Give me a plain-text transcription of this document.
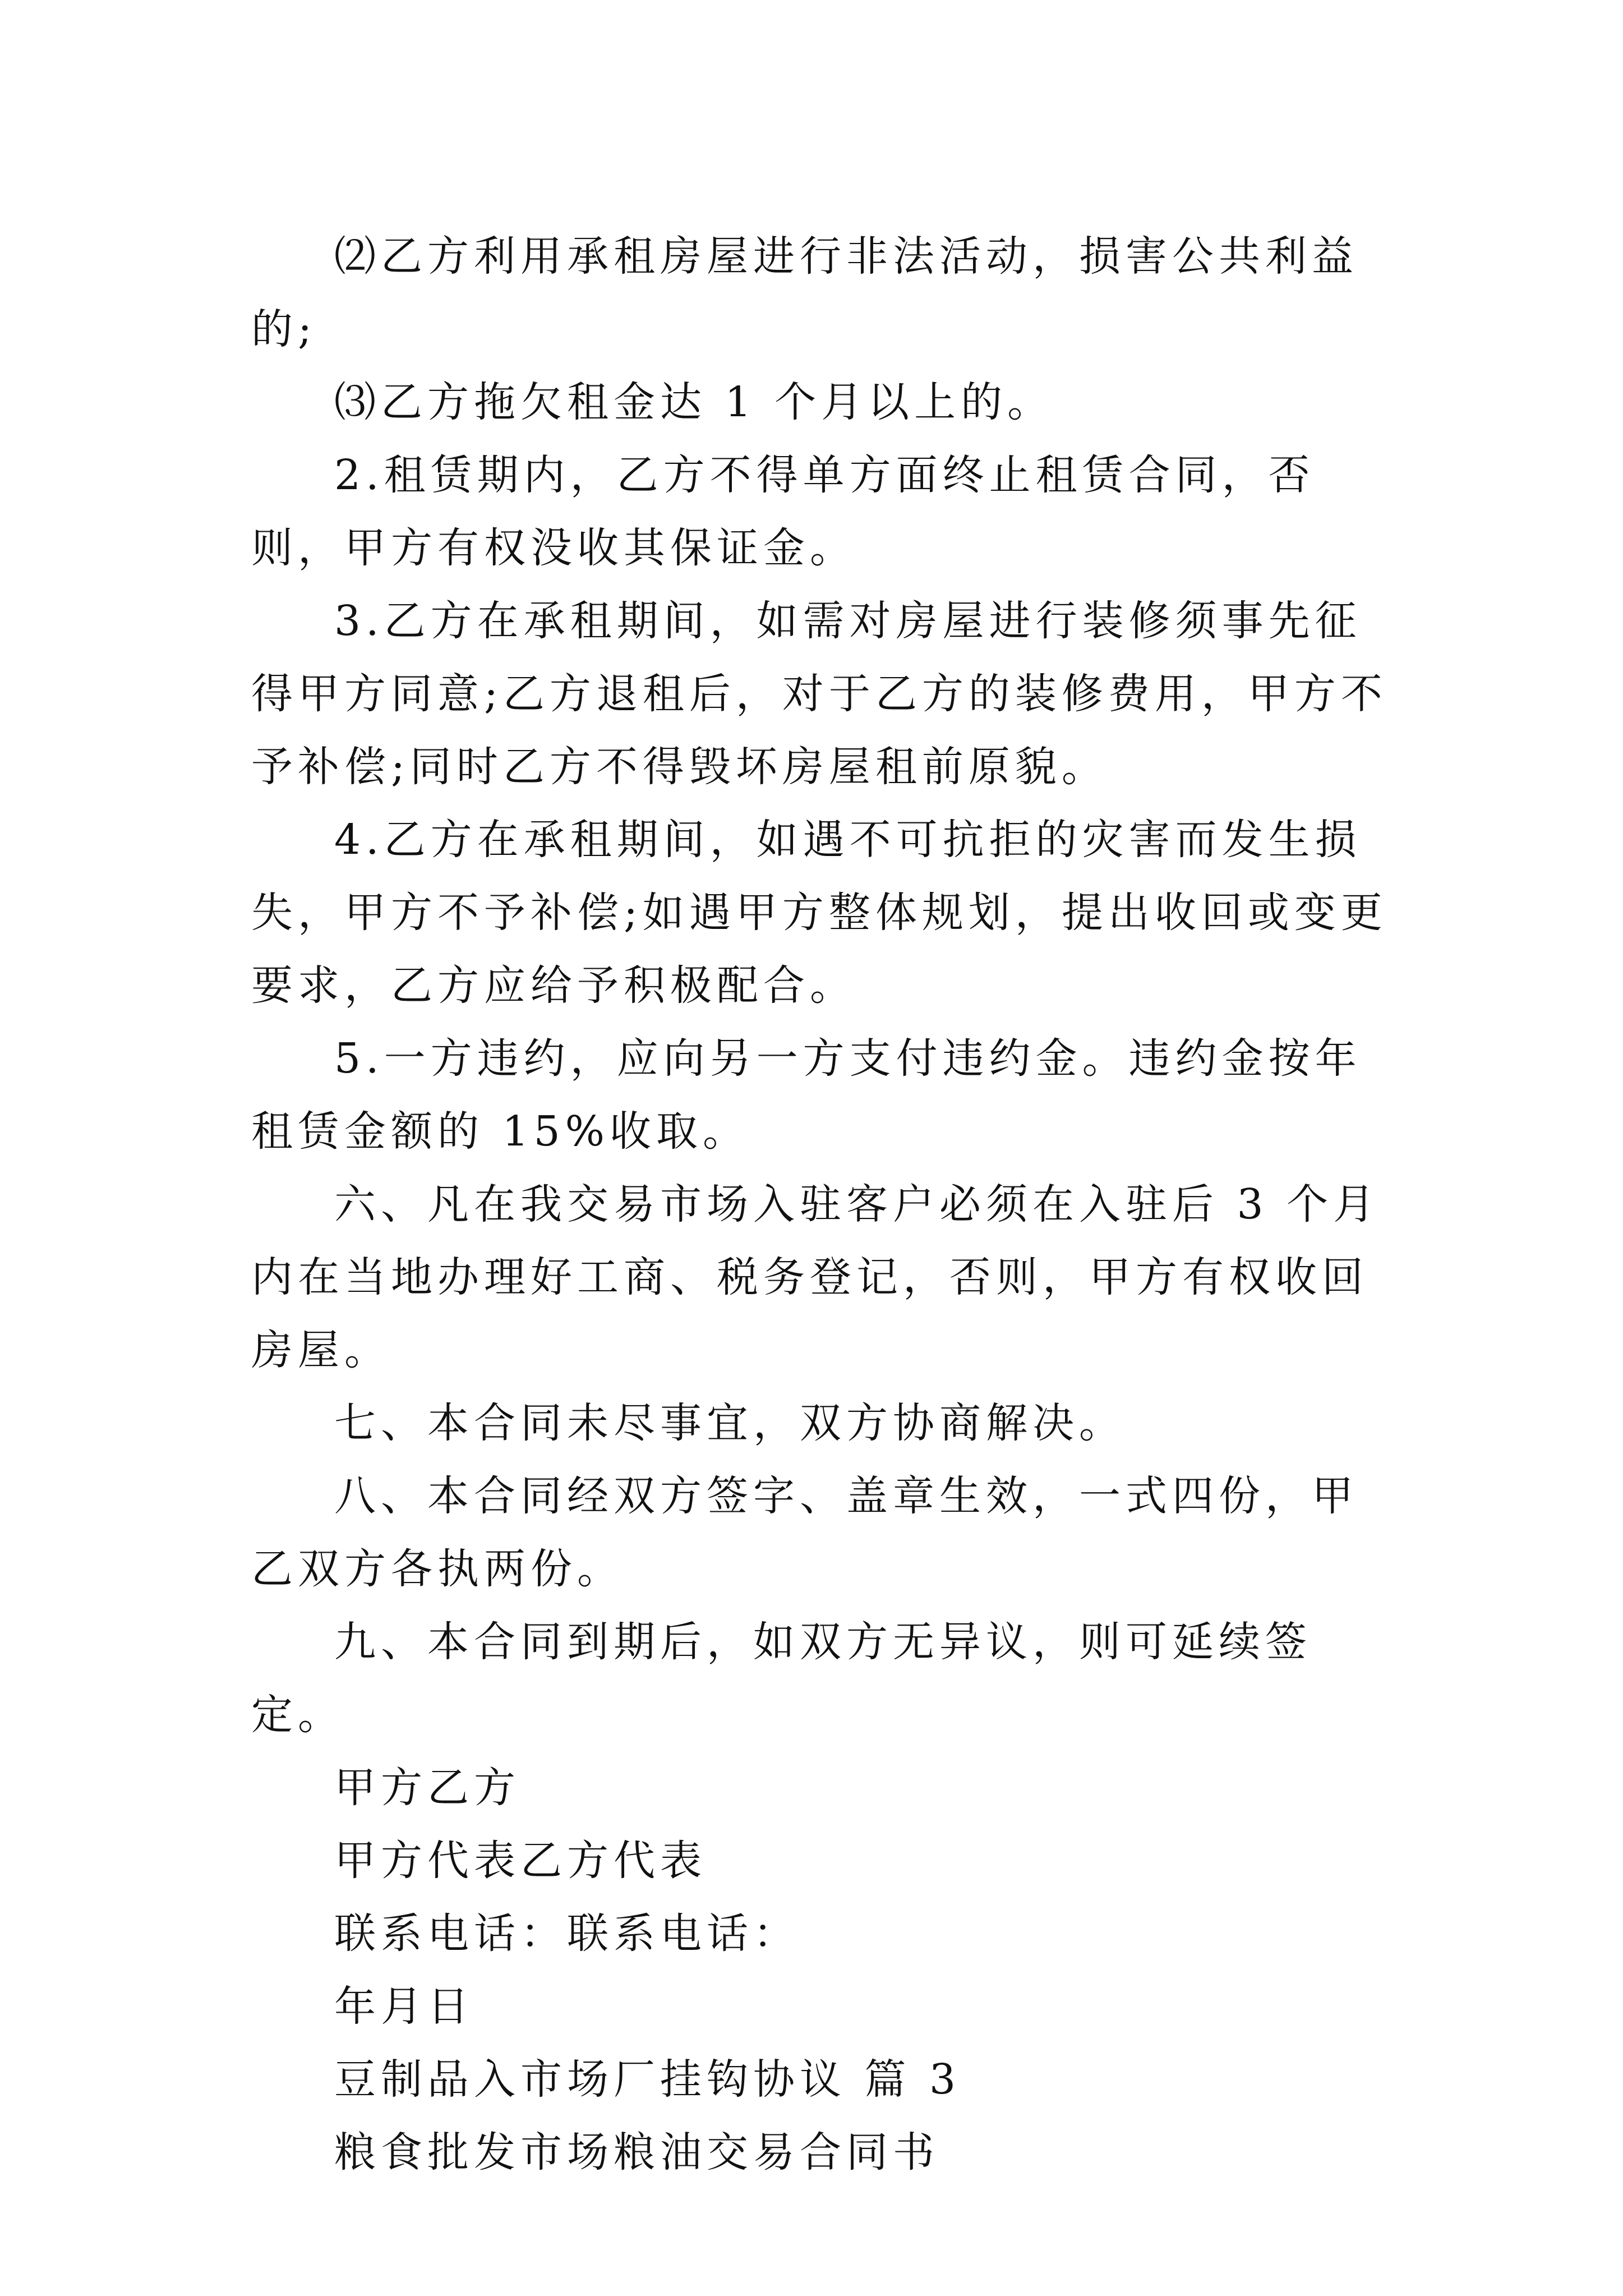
⑵乙方利用承租房屋进行非法活动，损害公共利益的;

⑶乙方拖欠租金达 1 个月以上的。

2.租赁期内，乙方不得单方面终止租赁合同，否则，甲方有权没收其保证金。

3.乙方在承租期间，如需对房屋进行装修须事先征得甲方同意;乙方退租后，对于乙方的装修费用，甲方不予补偿;同时乙方不得毁坏房屋租前原貌。

4.乙方在承租期间，如遇不可抗拒的灾害而发生损失，甲方不予补偿;如遇甲方整体规划，提出收回或变更要求，乙方应给予积极配合。

5.一方违约，应向另一方支付违约金。违约金按年租赁金额的 15%收取。

六、凡在我交易市场入驻客户必须在入驻后 3 个月内在当地办理好工商、税务登记，否则，甲方有权收回房屋。

七、本合同未尽事宜，双方协商解决。

八、本合同经双方签字、盖章生效，一式四份，甲乙双方各执两份。

九、本合同到期后，如双方无异议，则可延续签定。

甲方乙方

甲方代表乙方代表

联系电话：联系电话：

年月日

豆制品入市场厂挂钩协议 篇 3

粮食批发市场粮油交易合同书
